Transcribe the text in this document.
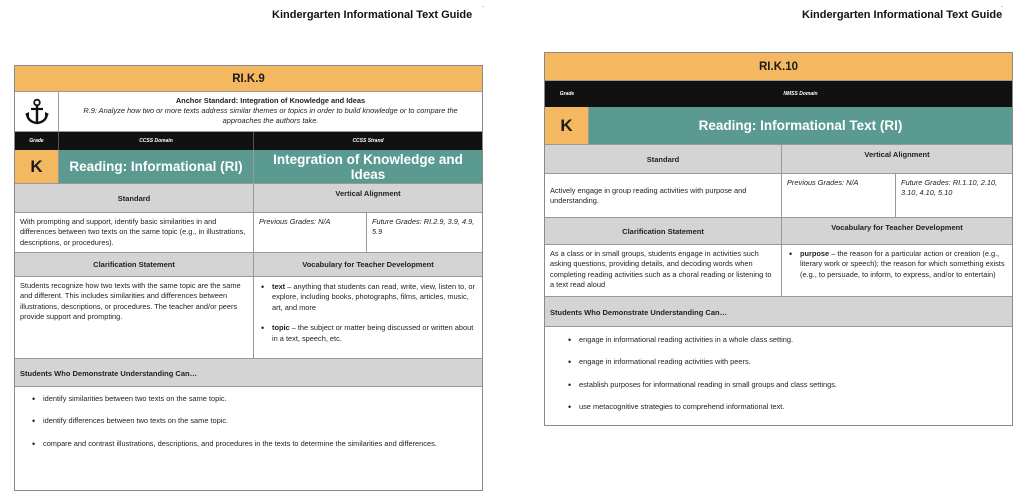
Kindergarten Informational Text Guide
.
Kindergarten Informational Text Guide
.
RI.K.9
Anchor Standard: Integration of Knowledge and Ideas
R.9: Analyze how two or more texts address similar themes or topics in order to build knowledge or to compare the approaches the authors take.
Grade	CCSS Domain	CCSS Strand
K	Reading: Informational (RI)	Integration of Knowledge and Ideas
Standard	Vertical Alignment
With prompting and support, identify basic similarities in and differences between two texts on the same topic (e.g., in illustrations, descriptions, or procedures).
Previous Grades: N/A	Future Grades: RI.2.9, 3.9, 4.9, 5.9
Clarification Statement	Vocabulary for Teacher Development
Students recognize how two texts with the same topic are the same and different. This includes similarities and differences between illustrations, descriptions, or procedures. The teacher and/or peers provide support and prompting.
• text – anything that students can read, write, view, listen to, or explore, including books, photographs, films, articles, music, art, and more
• topic – the subject or matter being discussed or written about in a text, speech, etc.
Students Who Demonstrate Understanding Can…
• identify similarities between two texts on the same topic.
• identify differences between two texts on the same topic.
• compare and contrast illustrations, descriptions, and procedures in the texts to determine the similarities and differences.
RI.K.10
Grade	NMSS Domain
K	Reading: Informational Text (RI)
Standard	Vertical Alignment
Actively engage in group reading activities with purpose and understanding.
Previous Grades: N/A	Future Grades: RI.1.10, 2.10, 3.10, 4.10, 5.10
Clarification Statement	Vocabulary for Teacher Development
As a class or in small groups, students engage in activities such asking questions, providing details, and decoding words when completing reading activities such as a choral reading or listening to a text read aloud
• purpose – the reason for a particular action or creation (e.g., literary work or speech); the reason for which something exists (e.g., to persuade, to inform, to express, and/or to entertain)
Students Who Demonstrate Understanding Can…
• engage in informational reading activities in a whole class setting.
• engage in informational reading activities with peers.
• establish purposes for informational reading in small groups and class settings.
• use metacognitive strategies to comprehend informational text.
